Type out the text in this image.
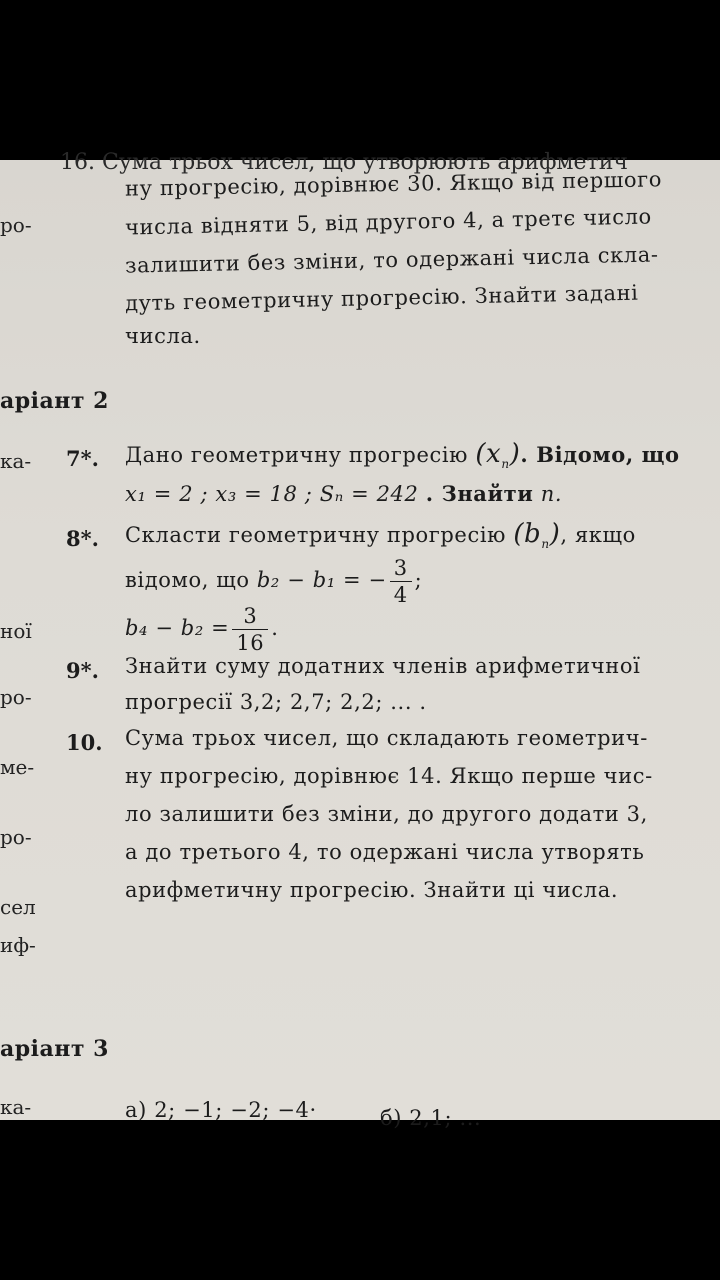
16. Сума трьох чисел, що утворюють арифметич
ро-
ну прогресію, дорівнює 30. Якщо від першого
числа відняти 5, від другого 4, а третє число
залишити без зміни, то одержані числа скла-
дуть геометричну прогресію. Знайти задані
числа.
аріант 2
ка-
ної
ро-
ме-
ро-
сел
иф-
7*. Дано геометричну прогресію $(x_n)$. Відомо, що
x₁ = 2 ; x₃ = 18 ; Sₙ = 242 . Знайти n.
8*. Скласти геометричну прогресію $(b_n)$, якщо
відомо, що b₂ − b₁ = − $\frac{3}{4}$ ;
$b_4 - b_2 = \frac{3}{16}$ .
9*. Знайти суму додатних членів арифметичної
прогресії 3,2; 2,7; 2,2; ... .
10. Сума трьох чисел, що складають геометрич-
ну прогресію, дорівнює 14. Якщо перше чис-
ло залишити без зміни, до другого додати 3,
а до третього 4, то одержані числа утворять
арифметичну прогресію. Знайти ці числа.
аріант 3
ка-	а) 2; −1; −2; −4·	б) 2,1; ...
